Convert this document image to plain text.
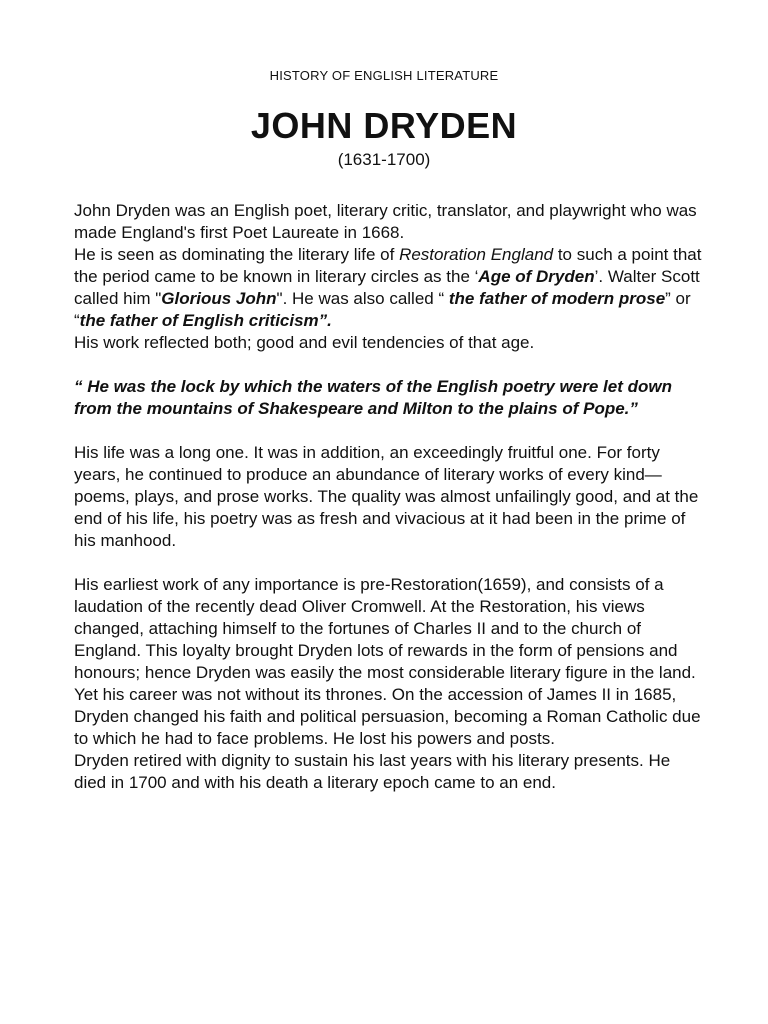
HISTORY OF ENGLISH LITERATURE
JOHN DRYDEN
(1631-1700)

John Dryden was an English poet, literary critic, translator, and playwright who was made England's first Poet Laureate in 1668.

He is seen as dominating the literary life of Restoration England to such a point that the period came to be known in literary circles as the ‘Age of Dryden’. Walter Scott called him "Glorious John". He was also called “ the father of modern prose” or “the father of English criticism”.

His work reflected both; good and evil tendencies of that age.

“ He was the lock by which the waters of the English poetry were let down from the mountains of Shakespeare and Milton to the plains of Pope.”

His life was a long one. It was in addition, an exceedingly fruitful one. For forty years, he continued to produce an abundance of literary works of every kind—poems, plays, and prose works. The quality was almost unfailingly good, and at the end of his life, his poetry was as fresh and vivacious at it had been in the prime of his manhood.

His earliest work of any importance is pre-Restoration(1659), and consists of a laudation of the recently dead Oliver Cromwell. At the Restoration, his views changed, attaching himself to the fortunes of Charles II and to the church of England. This loyalty brought Dryden lots of rewards in the form of pensions and honours; hence Dryden was easily the most considerable literary figure in the land. Yet his career was not without its thrones. On the accession of James II in 1685, Dryden changed his faith and political persuasion, becoming a Roman Catholic due to which he had to face problems. He lost his powers and posts.

Dryden retired with dignity to sustain his last years with his literary presents. He died in 1700 and with his death a literary epoch came to an end.
